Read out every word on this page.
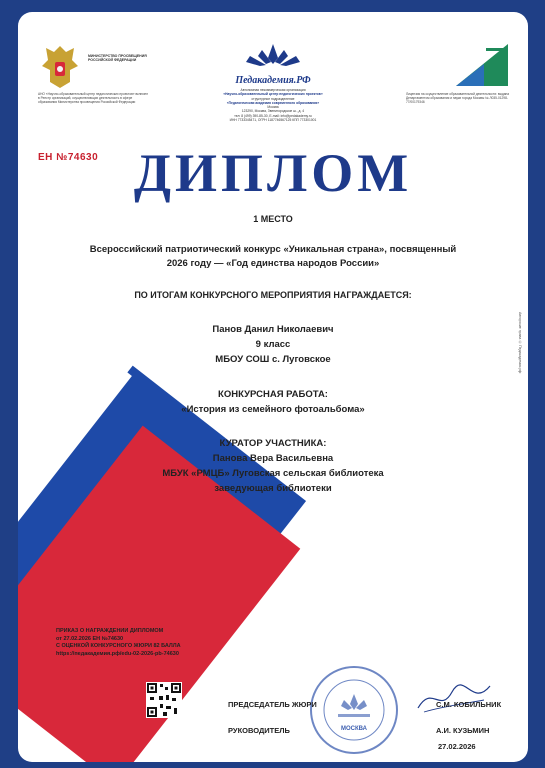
МИНИСТЕРСТВО ПРОСВЕЩЕНИЯ РОССИЙСКОЙ ФЕДЕРАЦИИ
АНО «Научно-образовательный центр педагогических проектов» включен в Реестр организаций, осуществляющих деятельность в сфере образования Министерства просвещения Российской Федерации
Педакадемия.РФ
Автономная некоммерческая организация
«Научно-образовательный центр педагогических проектов»
структурное подразделение
«Педагогическая академия современного образования»
Москва
123290, Москва, Звенигородское ш., д. 4
тел: 8 (499) 390-85-30, E-mail: info@pedakademy.ru
ИНН 7733345471, ОГРН 1187746567125 КПП 773301001
Лицензия на осуществление образовательной деятельности: выдана Департаментом образования и науки города Москвы № Л035-01298-77/00179346
ЕН №74630 ДИПЛОМ
1 МЕСТО
Всероссийский патриотический конкурс «Уникальная страна», посвященный
2026 году — «Год единства народов России»
ПО ИТОГАМ КОНКУРСНОГО МЕРОПРИЯТИЯ НАГРАЖДАЕТСЯ:
Панов Данил Николаевич
9 класс
МБОУ СОШ с. Луговское
КОНКУРСНАЯ РАБОТА:
«История из семейного фотоальбома»
КУРАТОР УЧАСТНИКА:
Панова Вера Васильевна
МБУК «РМЦБ» Луговская сельская библиотека
заведующая библиотеки
Авторские права © Педакадемия.рф
ПРИКАЗ О НАГРАЖДЕНИИ ДИПЛОМОМ
от 27.02.2026 ЕН №74630
С ОЦЕНКОЙ КОНКУРСНОГО ЖЮРИ 82 БАЛЛА
https://педакадемия.рф/edu-02-2026-pb-74630
МОСКВА
ПРЕДСЕДАТЕЛЬ ЖЮРИ	С.М. КОБИЛЬНИК
РУКОВОДИТЕЛЬ	А.И. КУЗЬМИН
27.02.2026
